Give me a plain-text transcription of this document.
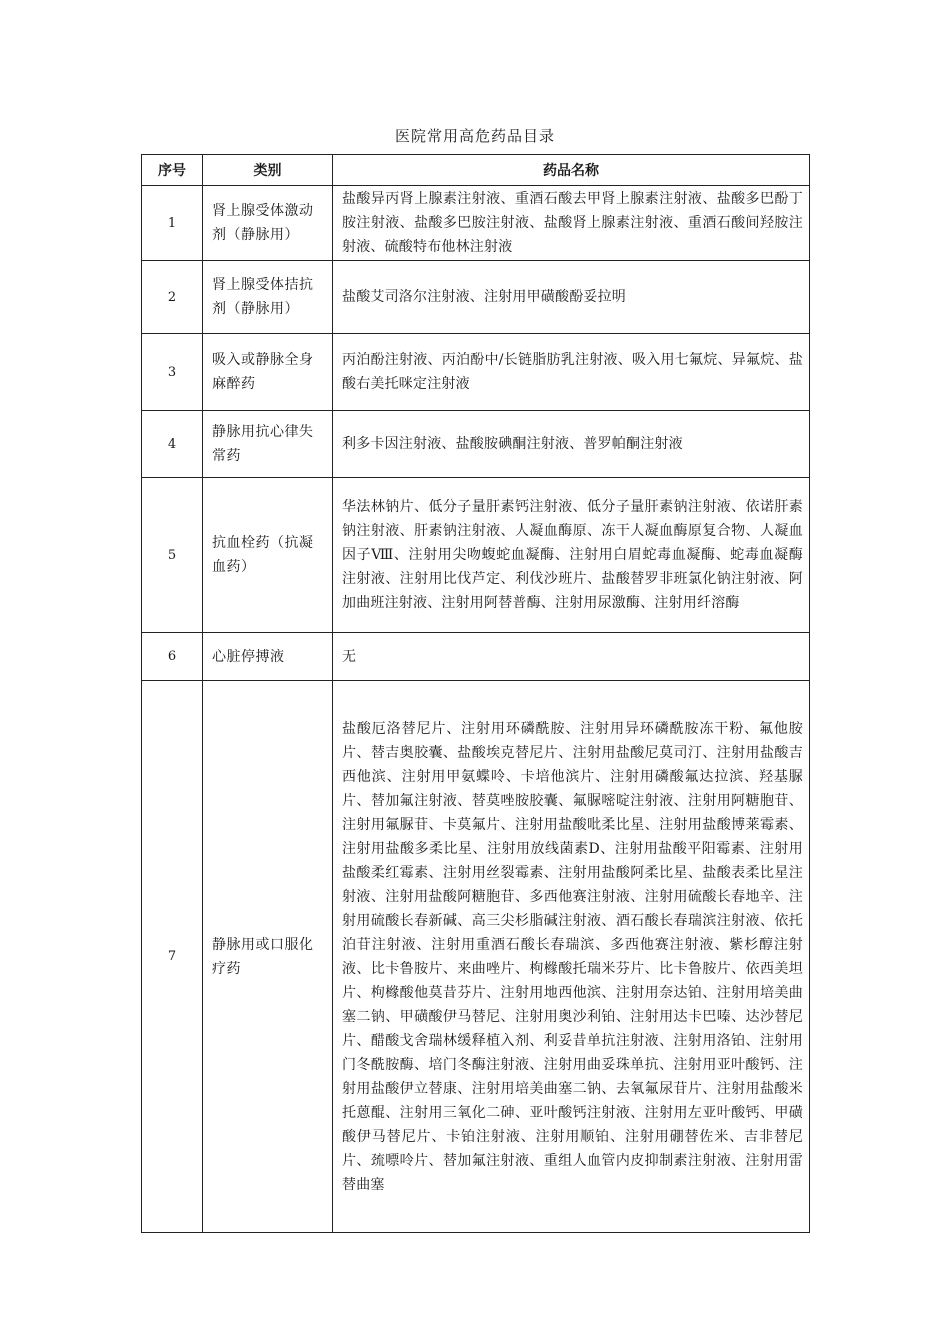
医院常用高危药品目录
序号	类别	药品名称
1	肾上腺受体激动剂（静脉用）	盐酸异丙肾上腺素注射液、重酒石酸去甲肾上腺素注射液、盐酸多巴酚丁胺注射液、盐酸多巴胺注射液、盐酸肾上腺素注射液、重酒石酸间羟胺注射液、硫酸特布他林注射液
2	肾上腺受体拮抗剂（静脉用）	盐酸艾司洛尔注射液、注射用甲磺酸酚妥拉明
3	吸入或静脉全身麻醉药	丙泊酚注射液、丙泊酚中/长链脂肪乳注射液、吸入用七氟烷、异氟烷、盐酸右美托咪定注射液
4	静脉用抗心律失常药	利多卡因注射液、盐酸胺碘酮注射液、普罗帕酮注射液
5	抗血栓药（抗凝血药）	华法林钠片、低分子量肝素钙注射液、低分子量肝素钠注射液、依诺肝素钠注射液、肝素钠注射液、人凝血酶原、冻干人凝血酶原复合物、人凝血因子Ⅷ、注射用尖吻蝮蛇血凝酶、注射用白眉蛇毒血凝酶、蛇毒血凝酶注射液、注射用比伐芦定、利伐沙班片、盐酸替罗非班氯化钠注射液、阿加曲班注射液、注射用阿替普酶、注射用尿激酶、注射用纤溶酶
6	心脏停搏液	无
7	静脉用或口服化疗药	盐酸厄洛替尼片、注射用环磷酰胺、注射用异环磷酰胺冻干粉、氟他胺片、替吉奥胶囊、盐酸埃克替尼片、注射用盐酸尼莫司汀、注射用盐酸吉西他滨、注射用甲氨蝶呤、卡培他滨片、注射用磷酸氟达拉滨、羟基脲片、替加氟注射液、替莫唑胺胶囊、氟脲嘧啶注射液、注射用阿糖胞苷、注射用氟脲苷、卡莫氟片、注射用盐酸吡柔比星、注射用盐酸博莱霉素、注射用盐酸多柔比星、注射用放线菌素D、注射用盐酸平阳霉素、注射用盐酸柔红霉素、注射用丝裂霉素、注射用盐酸阿柔比星、盐酸表柔比星注射液、注射用盐酸阿糖胞苷、多西他赛注射液、注射用硫酸长春地辛、注射用硫酸长春新碱、高三尖杉脂碱注射液、酒石酸长春瑞滨注射液、依托泊苷注射液、注射用重酒石酸长春瑞滨、多西他赛注射液、紫杉醇注射液、比卡鲁胺片、来曲唑片、枸橼酸托瑞米芬片、比卡鲁胺片、依西美坦片、枸橼酸他莫昔芬片、注射用地西他滨、注射用奈达铂、注射用培美曲塞二钠、甲磺酸伊马替尼、注射用奥沙利铂、注射用达卡巴嗪、达沙替尼片、醋酸戈舍瑞林缓释植入剂、利妥昔单抗注射液、注射用洛铂、注射用门冬酰胺酶、培门冬酶注射液、注射用曲妥珠单抗、注射用亚叶酸钙、注射用盐酸伊立替康、注射用培美曲塞二钠、去氧氟尿苷片、注射用盐酸米托蒽醌、注射用三氧化二砷、亚叶酸钙注射液、注射用左亚叶酸钙、甲磺酸伊马替尼片、卡铂注射液、注射用顺铂、注射用硼替佐米、吉非替尼片、巯嘌呤片、替加氟注射液、重组人血管内皮抑制素注射液、注射用雷替曲塞
